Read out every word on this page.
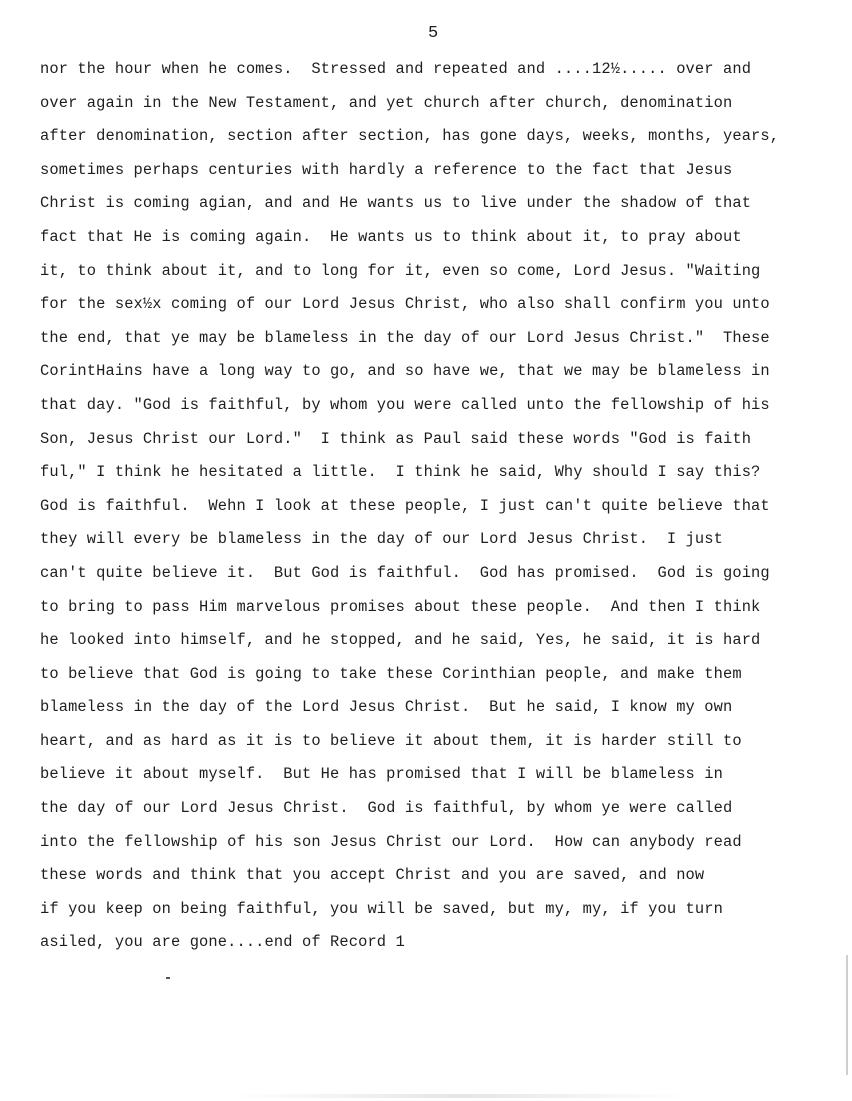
5
nor the hour when he comes.  Stressed and repeated and ....12½..... over and
over again in the New Testament, and yet church after church, denomination
after denomination, section after section, has gone days, weeks, months, years,
sometimes perhaps centuries with hardly a reference to the fact that Jesus
Christ is coming agian, and and He wants us to live under the shadow of that
fact that He is coming again.  He wants us to think about it, to pray about
it, to think about it, and to long for it, even so come, Lord Jesus. "Waiting
for the sex½x coming of our Lord Jesus Christ, who also shall confirm you unto
the end, that ye may be blameless in the day of our Lord Jesus Christ."  These
CorintHains have a long way to go, and so have we, that we may be blameless in
that day. "God is faithful, by whom you were called unto the fellowship of his
Son, Jesus Christ our Lord."  I think as Paul said these words "God is faith
ful," I think he hesitated a little.  I think he said, Why should I say this?
God is faithful.  Wehn I look at these people, I just can't quite believe that
they will every be blameless in the day of our Lord Jesus Christ.  I just
can't quite believe it.  But God is faithful.  God has promised.  God is going
to bring to pass Him marvelous promises about these people.  And then I think
he looked into himself, and he stopped, and he said, Yes, he said, it is hard
to believe that God is going to take these Corinthian people, and make them
blameless in the day of the Lord Jesus Christ.  But he said, I know my own
heart, and as hard as it is to believe it about them, it is harder still to
believe it about myself.  But He has promised that I will be blameless in
the day of our Lord Jesus Christ.  God is faithful, by whom ye were called
into the fellowship of his son Jesus Christ our Lord.  How can anybody read
these words and think that you accept Christ and you are saved, and now
if you keep on being faithful, you will be saved, but my, my, if you turn
asiled, you are gone....end of Record 1
